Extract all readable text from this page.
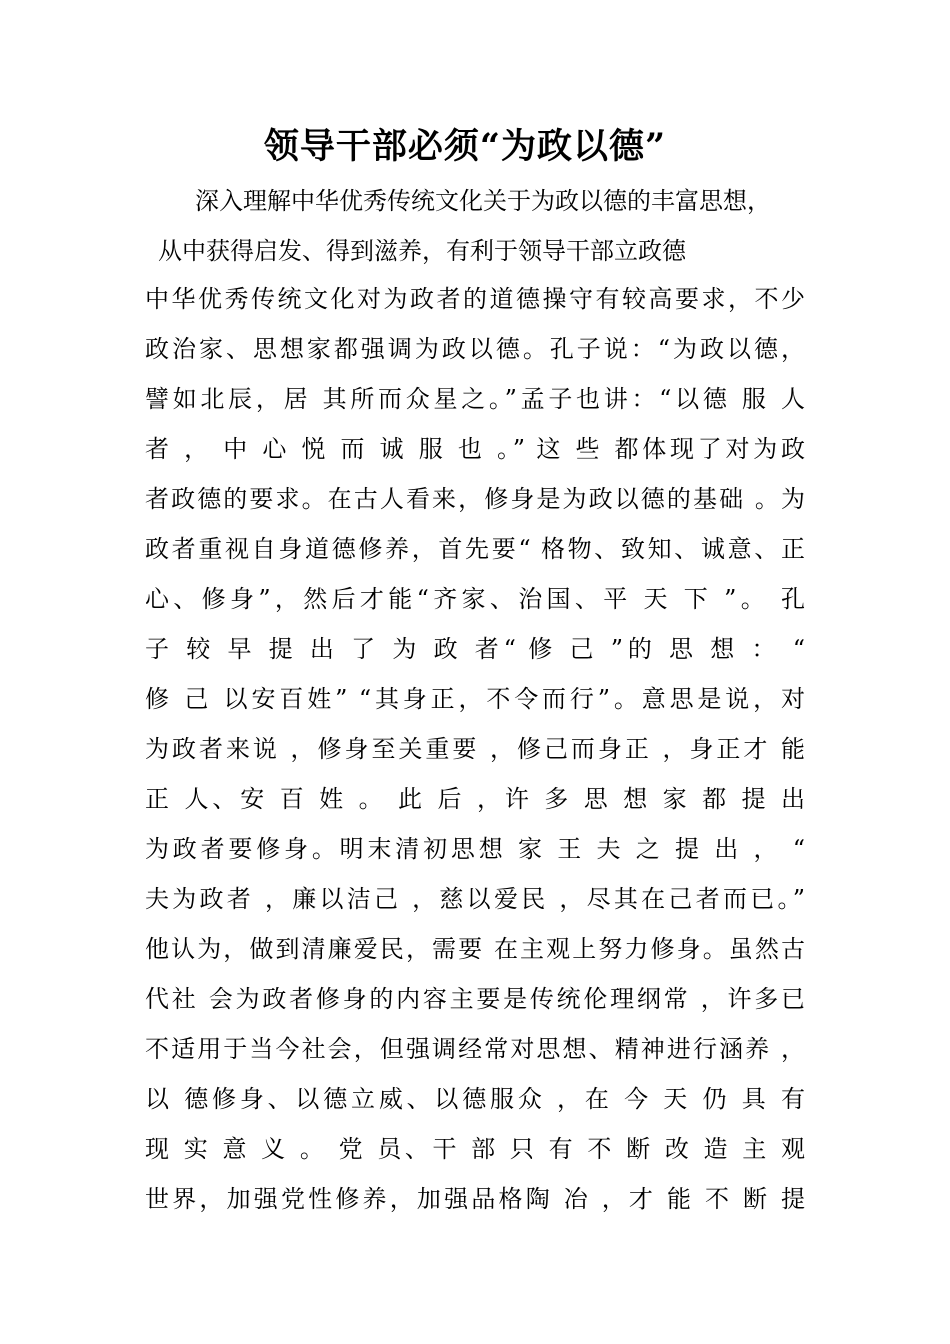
领导干部必须“为政以德”
深入理解中华优秀传统文化关于为政以德的丰富思想，
从中获得启发、得到滋养，有利于领导干部立政德
中华优秀传统文化对为政者的道德操守有较高要求，不少
政治家、思想家都强调为政以德。孔子说：“为政以德，
譬如北辰，居 其所而众星之。”孟子也讲：“以德 服 人
者 ， 中 心 悦 而 诚 服 也 。” 这 些 都体现了对为政
者政德的要求。在古人看来，修身是为政以德的基础 。为
政者重视自身道德修养，首先要“ 格物、致知、诚意、正
心、修身”，然后才能“齐家、治国、平 天 下 ”。 孔
子 较 早 提 出 了 为 政 者“ 修 己 ”的 思 想 ： “
修 己 以安百姓” “其身正，不令而行”。意思是说，对
为政者来说 ，修身至关重要 ，修己而身正 ，身正才 能
正 人、安 百 姓 。 此 后 ，许 多 思 想 家 都 提 出
为政者要修身。明末清初思想 家 王 夫 之 提 出 ， “
夫为政者 ，廉以洁己 ，慈以爱民 ，尽其在己者而已。”
他认为，做到清廉爱民，需要 在主观上努力修身。虽然古
代社 会为政者修身的内容主要是传统伦理纲常 ，许多已
不适用于当今社会，但强调经常对思想、精神进行涵养 ，
以 德修身、以德立威、以德服众 ，在 今 天 仍 具 有
现 实 意 义 。 党 员、干 部 只 有 不 断 改 造 主 观
世界，加强党性修养，加强品格陶 冶 ，才 能 不 断 提
